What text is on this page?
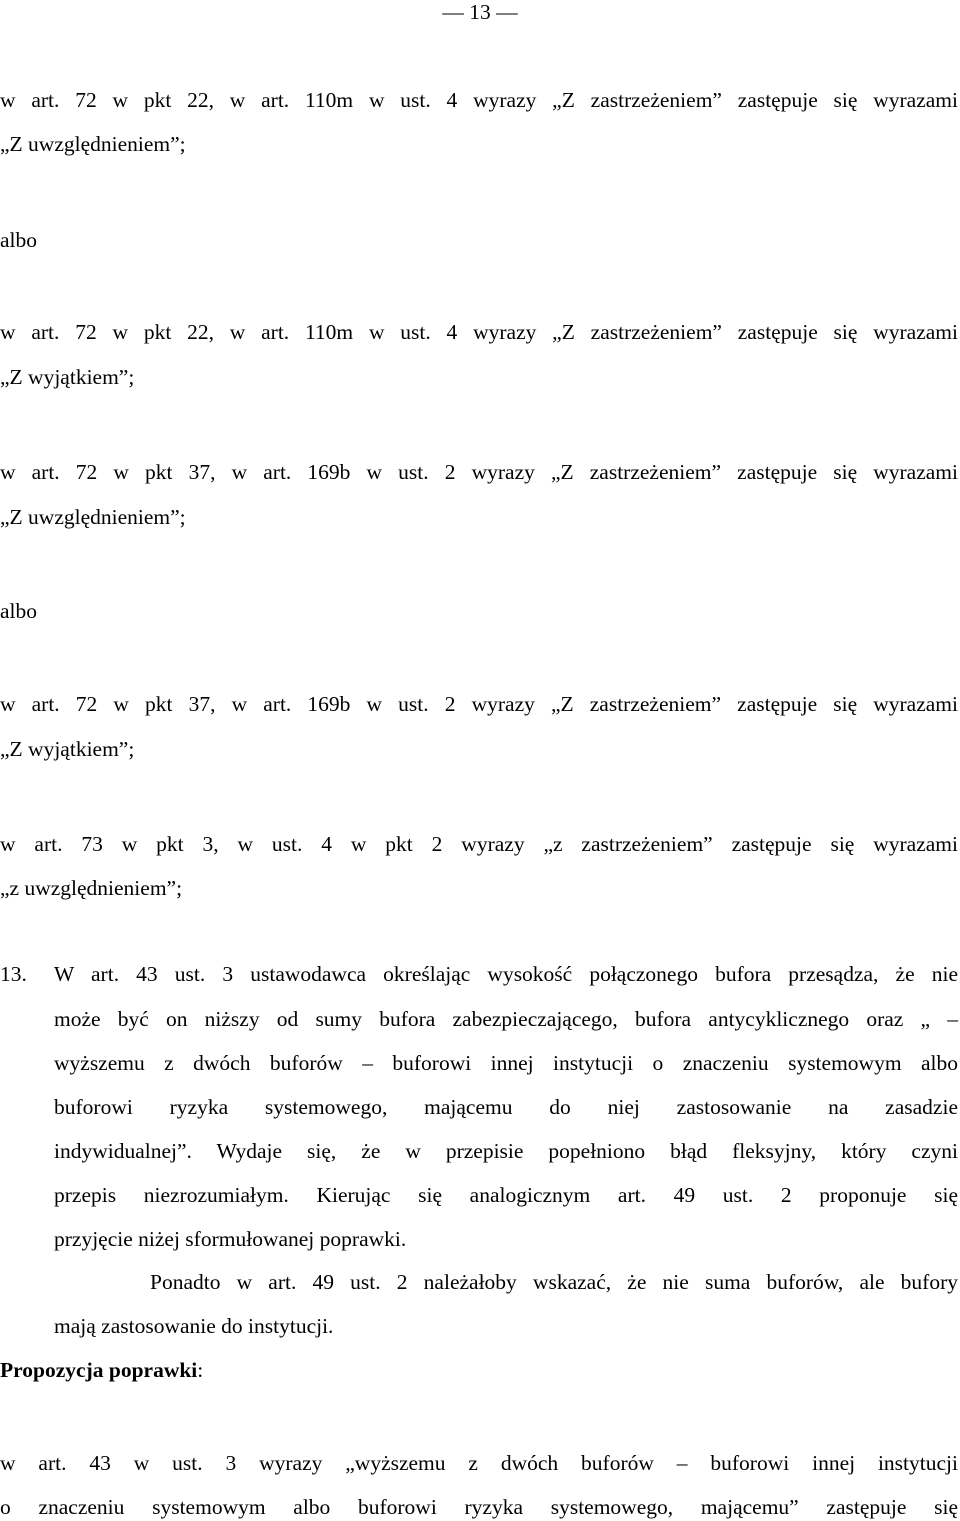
— 13 —
w art. 72 w pkt 22, w art. 110m w ust. 4 wyrazy „Z zastrzeżeniem” zastępuje się wyrazami
„Z uwzględnieniem”;
albo
w art. 72 w pkt 22, w art. 110m w ust. 4 wyrazy „Z zastrzeżeniem” zastępuje się wyrazami
„Z wyjątkiem”;
w art. 72 w pkt 37, w art. 169b w ust. 2 wyrazy „Z zastrzeżeniem” zastępuje się wyrazami
„Z uwzględnieniem”;
albo
w art. 72 w pkt 37, w art. 169b w ust. 2 wyrazy „Z zastrzeżeniem” zastępuje się wyrazami
„Z wyjątkiem”;
w art. 73 w pkt 3, w ust. 4 w pkt 2 wyrazy „z zastrzeżeniem” zastępuje się wyrazami
„z uwzględnieniem”;
13. W art. 43 ust. 3 ustawodawca określając wysokość połączonego bufora przesądza, że nie
może być on niższy od sumy bufora zabezpieczającego, bufora antycyklicznego oraz „ –
wyższemu z dwóch buforów – buforowi innej instytucji o znaczeniu systemowym albo
buforowi ryzyka systemowego, mającemu do niej zastosowanie na zasadzie
indywidualnej”. Wydaje się, że w przepisie popełniono błąd fleksyjny, który czyni
przepis niezrozumiałym. Kierując się analogicznym art. 49 ust. 2 proponuje się
przyjęcie niżej sformułowanej poprawki.
Ponadto w art. 49 ust. 2 należałoby wskazać, że nie suma buforów, ale bufory
mają zastosowanie do instytucji.
Propozycja poprawki:
w art. 43 w ust. 3 wyrazy „wyższemu z dwóch buforów – buforowi innej instytucji
o znaczeniu systemowym albo buforowi ryzyka systemowego, mającemu” zastępuje się
